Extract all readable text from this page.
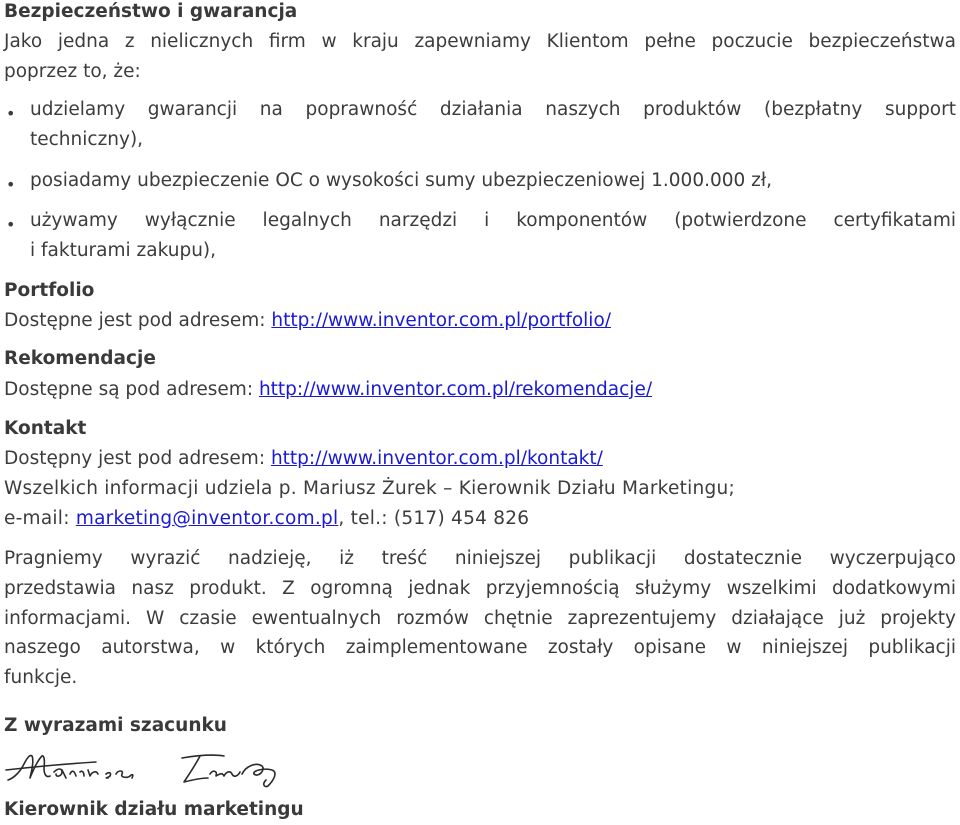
Bezpieczeństwo i gwarancja
Jako jedna z nielicznych firm w kraju zapewniamy Klientom pełne poczucie bezpieczeństwa
poprzez to, że:
• udzielamy gwarancji na poprawność działania naszych produktów (bezpłatny support
techniczny),
• posiadamy ubezpieczenie OC o wysokości sumy ubezpieczeniowej 1.000.000 zł,
• używamy wyłącznie legalnych narzędzi i komponentów (potwierdzone certyfikatami
i fakturami zakupu),
Portfolio
Dostępne jest pod adresem: http://www.inventor.com.pl/portfolio/
Rekomendacje
Dostępne są pod adresem: http://www.inventor.com.pl/rekomendacje/
Kontakt
Dostępny jest pod adresem: http://www.inventor.com.pl/kontakt/
Wszelkich informacji udziela p. Mariusz Żurek – Kierownik Działu Marketingu;
e-mail: marketing@inventor.com.pl, tel.: (517) 454 826
Pragniemy wyrazić nadzieję, iż treść niniejszej publikacji dostatecznie wyczerpująco
przedstawia nasz produkt. Z ogromną jednak przyjemnością służymy wszelkimi dodatkowymi
informacjami. W czasie ewentualnych rozmów chętnie zaprezentujemy działające już projekty
naszego autorstwa, w których zaimplementowane zostały opisane w niniejszej publikacji
funkcje.
Z wyrazami szacunku
Kierownik działu marketingu
